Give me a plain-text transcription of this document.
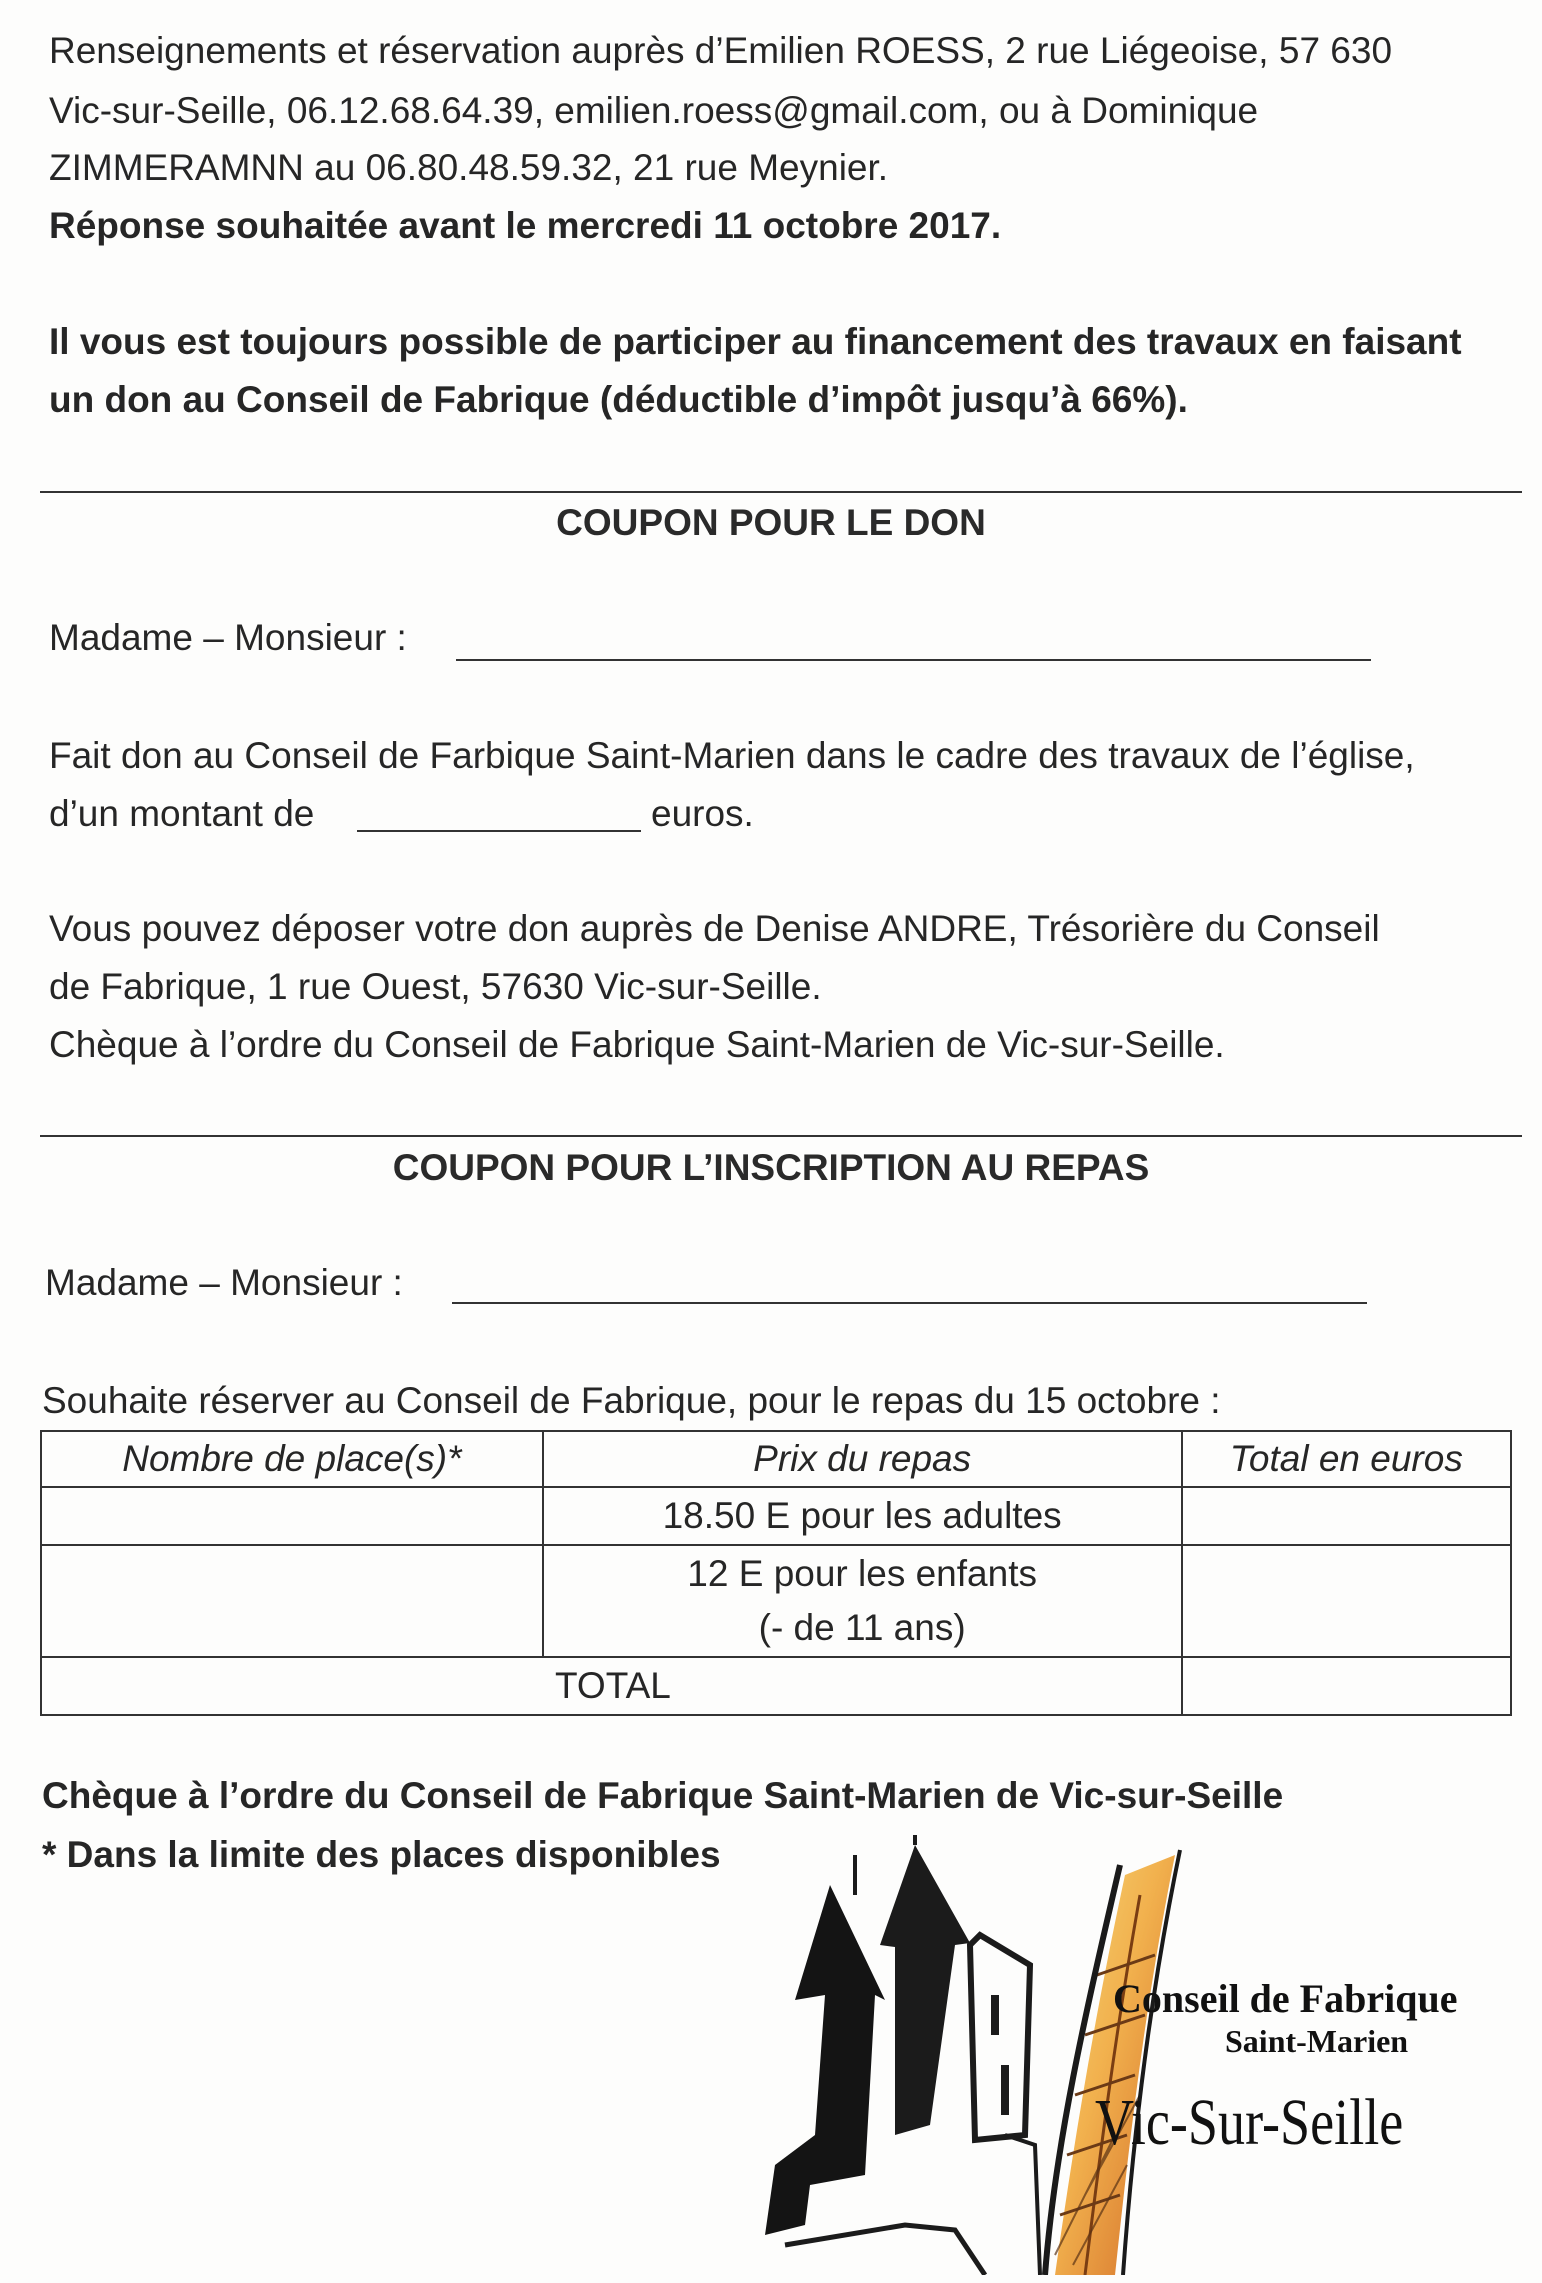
Renseignements et réservation auprès d’Emilien ROESS, 2 rue Liégeoise, 57 630
Vic-sur-Seille, 06.12.68.64.39, emilien.roess@gmail.com, ou à Dominique
ZIMMERAMNN au 06.80.48.59.32, 21 rue Meynier.
Réponse souhaitée avant le mercredi 11 octobre 2017.
Il vous est toujours possible de participer au financement des travaux en faisant
un don au Conseil de Fabrique (déductible d’impôt jusqu’à 66%).
COUPON POUR LE DON
Madame – Monsieur :
Fait don au Conseil de Farbique Saint-Marien dans le cadre des travaux de l’église,
d’un montant de	euros.
Vous pouvez déposer votre don auprès de Denise ANDRE, Trésorière du Conseil
de Fabrique, 1 rue Ouest, 57630 Vic-sur-Seille.
Chèque à l’ordre du Conseil de Fabrique Saint-Marien de Vic-sur-Seille.
COUPON POUR L’INSCRIPTION AU REPAS
Madame – Monsieur :
Souhaite réserver au Conseil de Fabrique, pour le repas du 15 octobre :
Nombre de place(s)*	Prix du repas	Total en euros
	18.50 E pour les adultes	

	12 E pour les enfants
(- de 11 ans)	

TOTAL		
Chèque à l’ordre du Conseil de Fabrique Saint-Marien de Vic-sur-Seille
* Dans la limite des places disponibles
Conseil de Fabrique
Saint-Marien
Vic-Sur-Seille
